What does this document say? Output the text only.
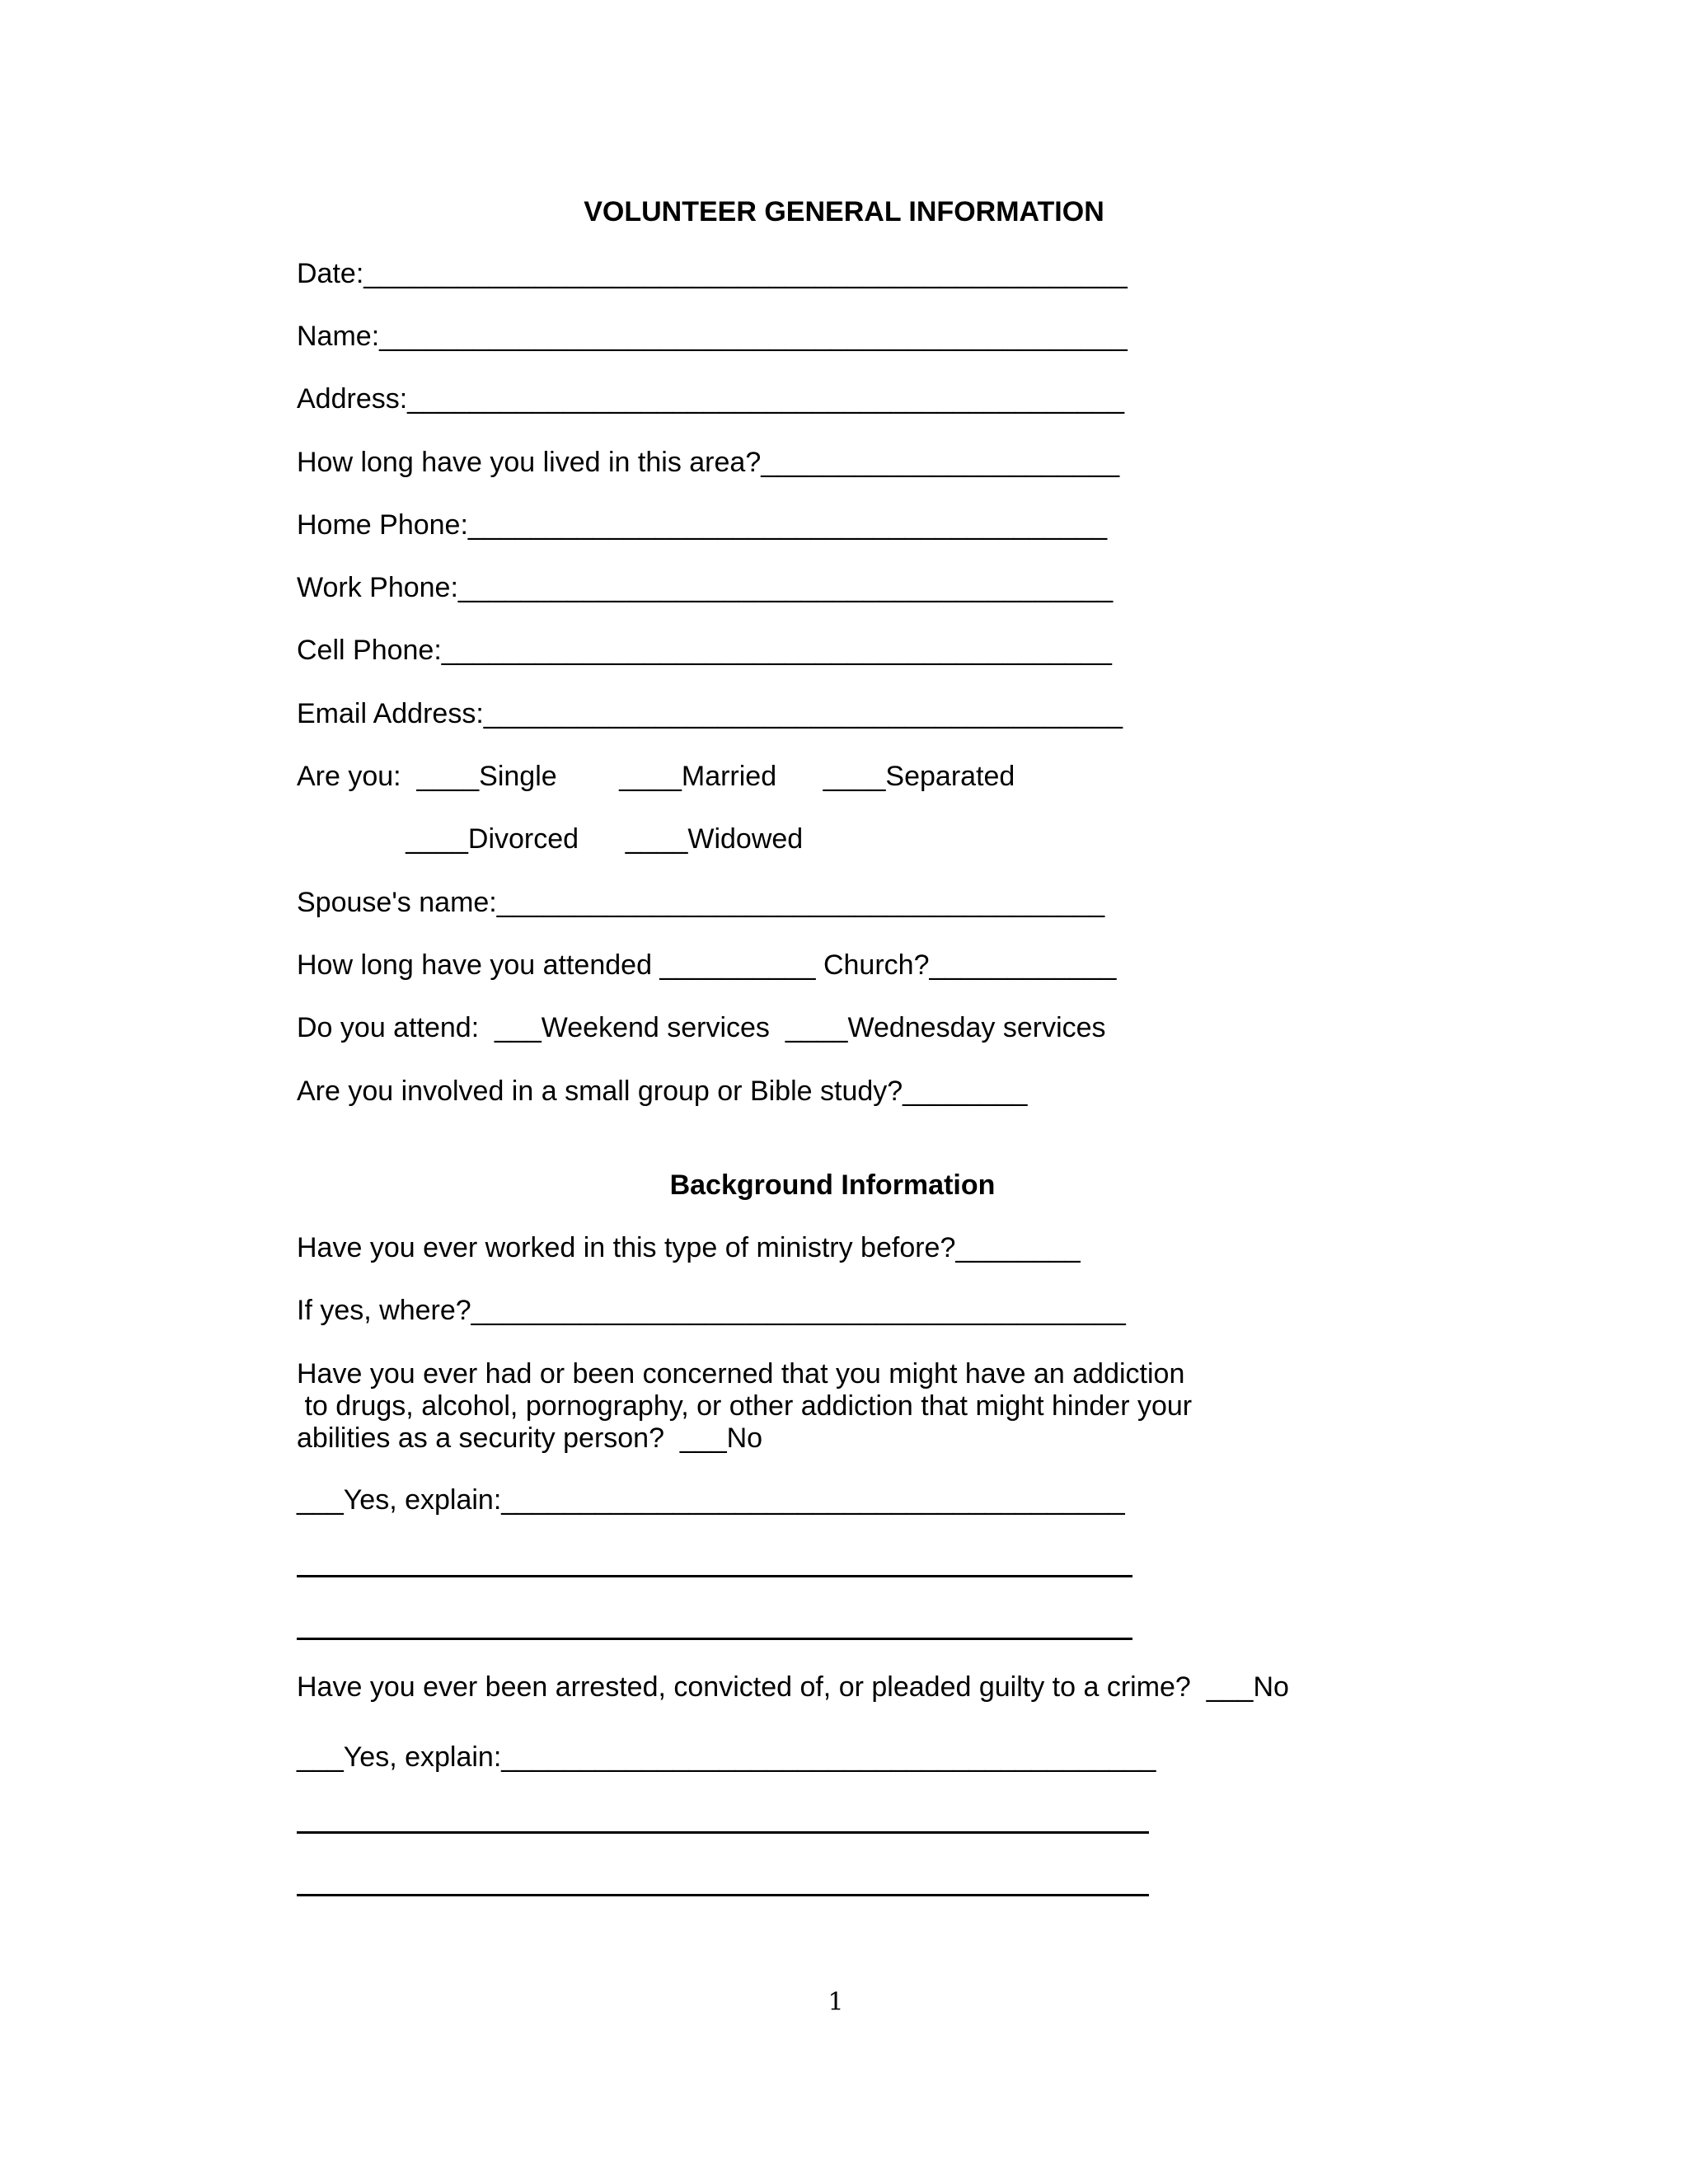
VOLUNTEER GENERAL INFORMATION
Date:_________________________________________________
Name:________________________________________________
Address:______________________________________________
How long have you lived in this area?_______________________
Home Phone:_________________________________________
Work Phone:__________________________________________
Cell Phone:___________________________________________
Email Address:_________________________________________
Are you:  ____Single        ____Married      ____Separated
____Divorced      ____Widowed
Spouse's name:_______________________________________
How long have you attended __________ Church?____________
Do you attend:  ___Weekend services  ____Wednesday services
Are you involved in a small group or Bible study?________
Background Information
Have you ever worked in this type of ministry before?________
If yes, where?__________________________________________
Have you ever had or been concerned that you might have an addiction
to drugs, alcohol, pornography, or other addiction that might hinder your
abilities as a security person?  ___No
___Yes, explain:________________________________________
Have you ever been arrested, convicted of, or pleaded guilty to a crime?  ___No
___Yes, explain:__________________________________________
1
